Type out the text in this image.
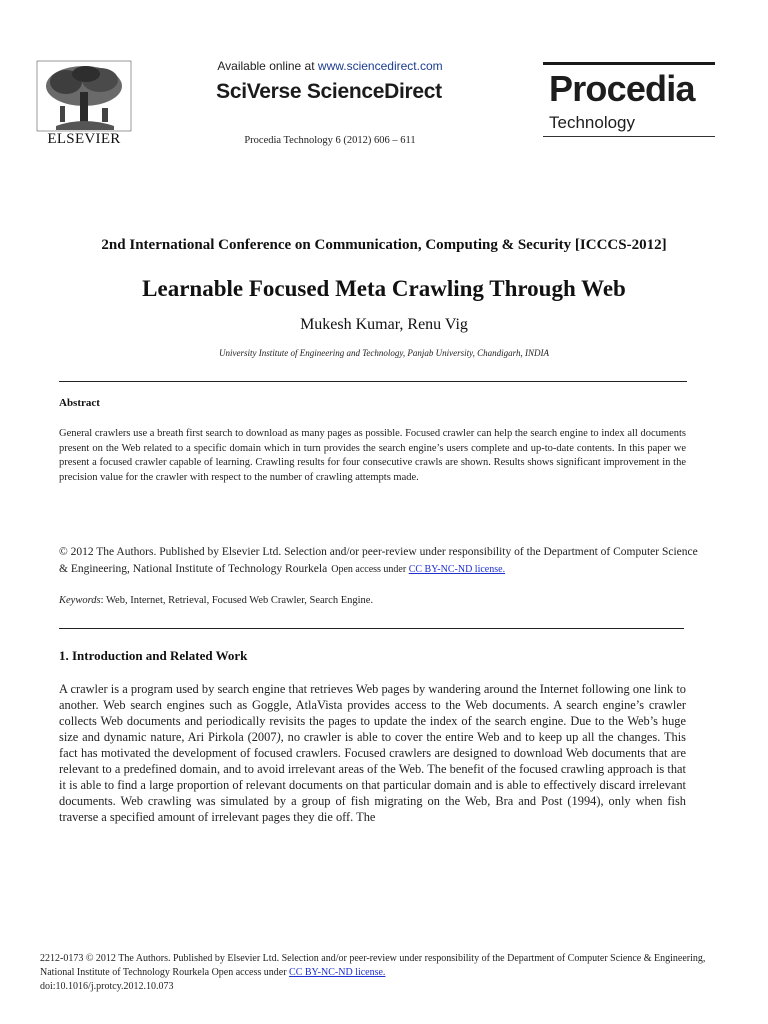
ELSEVIER
Available online at www.sciencedirect.com
SciVerse ScienceDirect
Procedia Technology 6 (2012) 606 – 611
Procedia
Technology
2nd International Conference on Communication, Computing & Security [ICCCS-2012]
Learnable Focused Meta Crawling Through Web
Mukesh Kumar, Renu Vig
University Institute of Engineering and Technology, Panjab University, Chandigarh, INDIA
Abstract
General crawlers use a breath first search to download as many pages as possible. Focused crawler can help the search engine to index all documents present on the Web related to a specific domain which in turn provides the search engine’s users complete and up-to-date contents. In this paper we present a focused crawler capable of learning. Crawling results for four consecutive crawls are shown. Results shows significant improvement in the precision value for the crawler with respect to the number of crawling attempts made.
© 2012 The Authors. Published by Elsevier Ltd. Selection and/or peer-review under responsibility of the Department of Computer Science & Engineering, National Institute of Technology Rourkela Open access under CC BY-NC-ND license.
Keywords: Web, Internet, Retrieval, Focused Web Crawler, Search Engine.
1. Introduction and Related Work
A crawler is a program used by search engine that retrieves Web pages by wandering around the Internet following one link to another. Web search engines such as Goggle, AtlaVista provides access to the Web documents. A search engine’s crawler collects Web documents and periodically revisits the pages to update the index of the search engine. Due to the Web’s huge size and dynamic nature, Ari Pirkola (2007), no crawler is able to cover the entire Web and to keep up all the changes. This fact has motivated the development of focused crawlers. Focused crawlers are designed to download Web documents that are relevant to a predefined domain, and to avoid irrelevant areas of the Web. The benefit of the focused crawling approach is that it is able to find a large proportion of relevant documents on that particular domain and is able to effectively discard irrelevant documents. Web crawling was simulated by a group of fish migrating on the Web, Bra and Post (1994), only when fish traverse a specified amount of irrelevant pages they die off. The
2212-0173 © 2012 The Authors. Published by Elsevier Ltd. Selection and/or peer-review under responsibility of the Department of Computer Science & Engineering, National Institute of Technology Rourkela Open access under CC BY-NC-ND license.
doi:10.1016/j.protcy.2012.10.073
